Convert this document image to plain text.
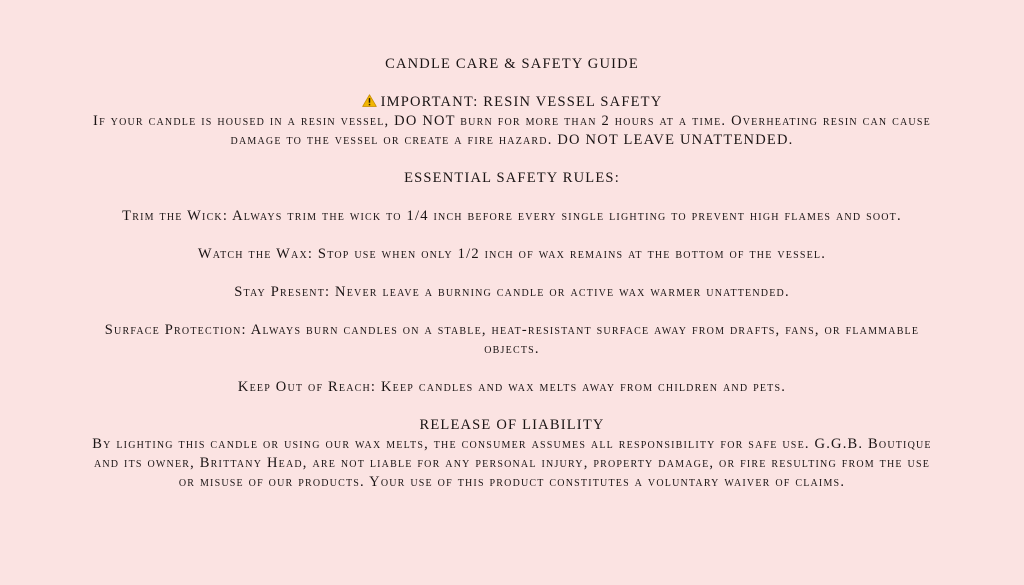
CANDLE CARE & SAFETY GUIDE

IMPORTANT: RESIN VESSEL SAFETY

If your candle is housed in a resin vessel, DO NOT burn for more than 2 hours at a time. Overheating resin can cause damage to the vessel or create a fire hazard. DO NOT LEAVE UNATTENDED.

ESSENTIAL SAFETY RULES:

Trim the Wick: Always trim the wick to 1/4 inch before every single lighting to prevent high flames and soot.

Watch the Wax: Stop use when only 1/2 inch of wax remains at the bottom of the vessel.

Stay Present: Never leave a burning candle or active wax warmer unattended.

Surface Protection: Always burn candles on a stable, heat-resistant surface away from drafts, fans, or flammable objects.

Keep Out of Reach: Keep candles and wax melts away from children and pets.

RELEASE OF LIABILITY

By lighting this candle or using our wax melts, the consumer assumes all responsibility for safe use. G.G.B. Boutique and its owner, Brittany Head, are not liable for any personal injury, property damage, or fire resulting from the use or misuse of our products. Your use of this product constitutes a voluntary waiver of claims.
